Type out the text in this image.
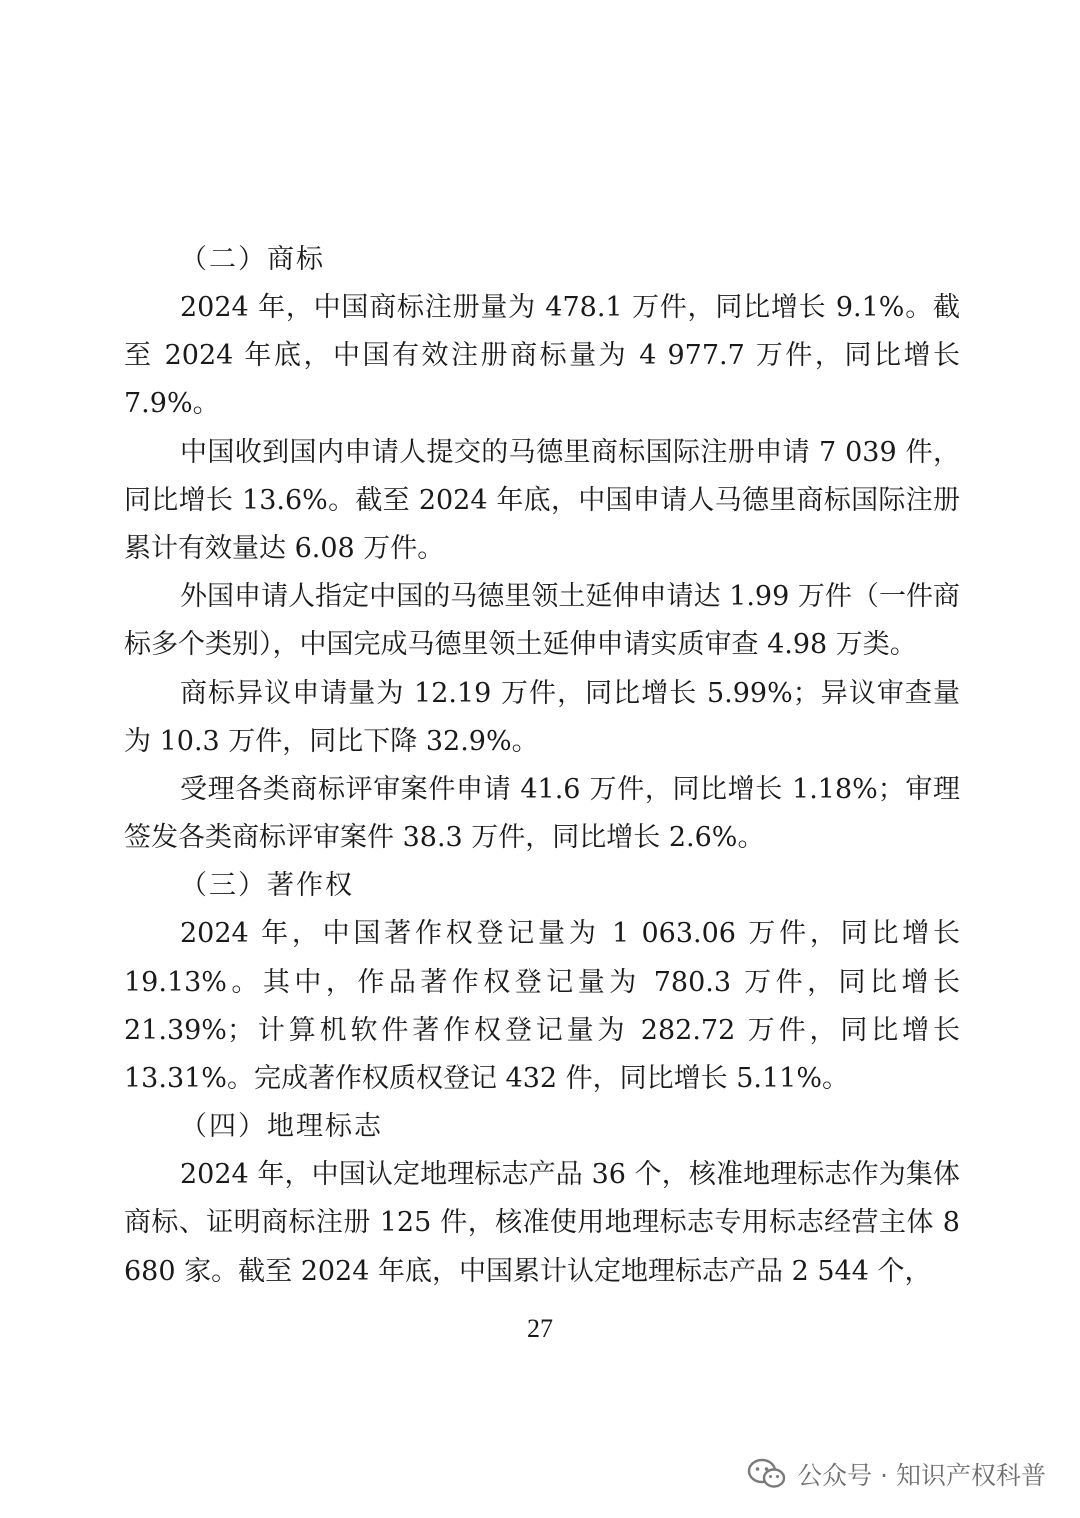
（二）商标

2024 年，中国商标注册量为 478.1 万件，同比增长 9.1%。截至 2024 年底，中国有效注册商标量为 4 977.7 万件，同比增长 7.9%。

中国收到国内申请人提交的马德里商标国际注册申请 7 039 件，同比增长 13.6%。截至 2024 年底，中国申请人马德里商标国际注册累计有效量达 6.08 万件。

外国申请人指定中国的马德里领土延伸申请达 1.99 万件（一件商标多个类别），中国完成马德里领土延伸申请实质审查 4.98 万类。

商标异议申请量为 12.19 万件，同比增长 5.99%；异议审查量为 10.3 万件，同比下降 32.9%。

受理各类商标评审案件申请 41.6 万件，同比增长 1.18%；审理签发各类商标评审案件 38.3 万件，同比增长 2.6%。

（三）著作权

2024 年，中国著作权登记量为 1 063.06 万件，同比增长 19.13%。其中，作品著作权登记量为 780.3 万件，同比增长 21.39%；计算机软件著作权登记量为 282.72 万件，同比增长 13.31%。完成著作权质权登记 432 件，同比增长 5.11%。

（四）地理标志

2024 年，中国认定地理标志产品 36 个，核准地理标志作为集体商标、证明商标注册 125 件，核准使用地理标志专用标志经营主体 8 680 家。截至 2024 年底，中国累计认定地理标志产品 2 544 个，

27
公众号 · 知识产权科普
